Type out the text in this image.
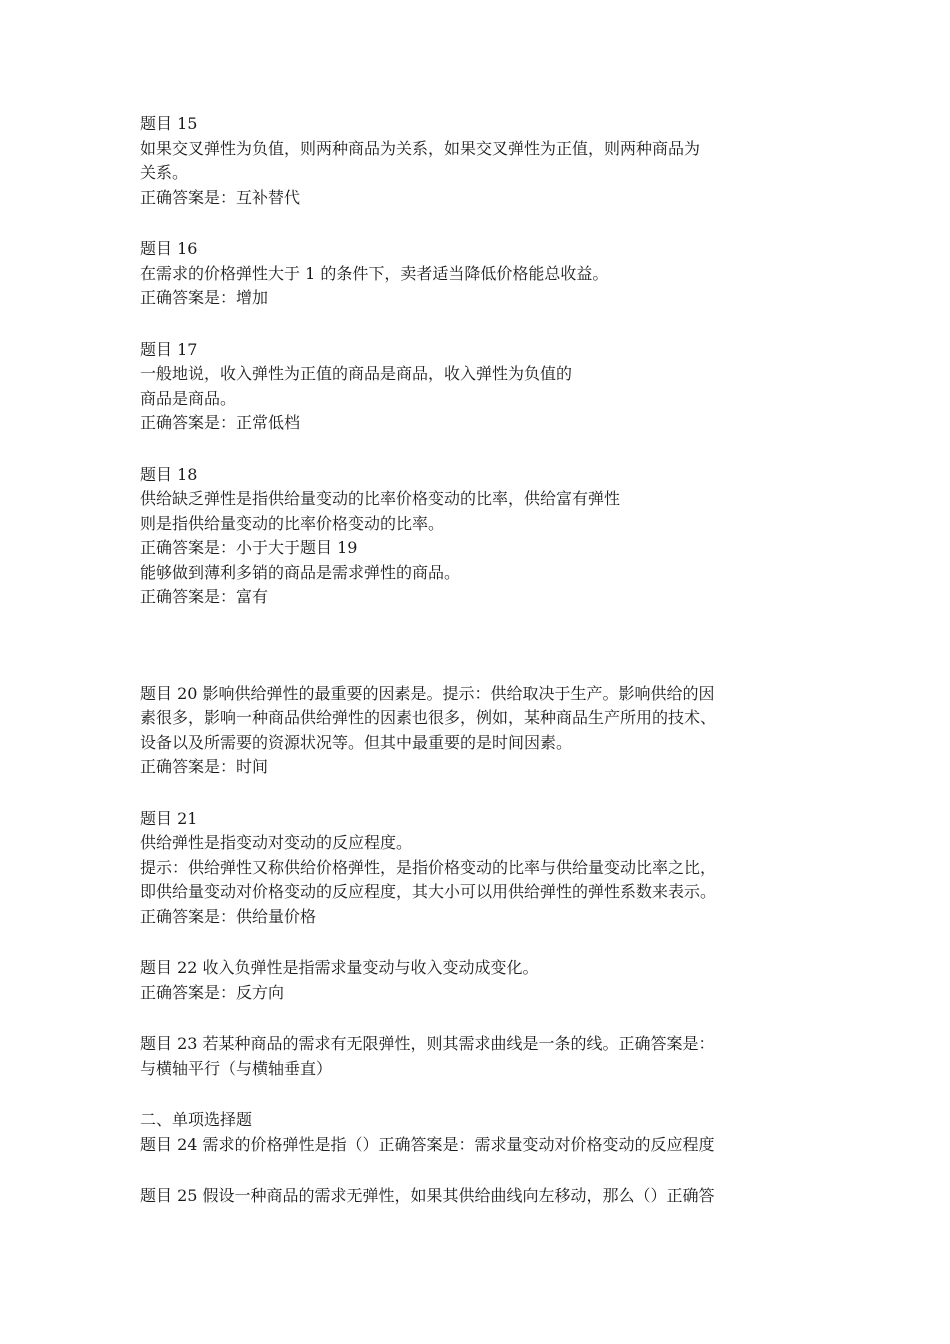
题目 15
如果交叉弹性为负值，则两种商品为关系，如果交叉弹性为正值，则两种商品为
关系。
正确答案是：互补替代
题目 16
在需求的价格弹性大于 1 的条件下，卖者适当降低价格能总收益。
正确答案是：增加
题目 17
一般地说，收入弹性为正值的商品是商品，收入弹性为负值的
商品是商品。
正确答案是：正常低档
题目 18
供给缺乏弹性是指供给量变动的比率价格变动的比率，供给富有弹性
则是指供给量变动的比率价格变动的比率。
正确答案是：小于大于题目 19
能够做到薄利多销的商品是需求弹性的商品。
正确答案是：富有
题目 20 影响供给弹性的最重要的因素是。提示：供给取决于生产。影响供给的因
素很多，影响一种商品供给弹性的因素也很多，例如，某种商品生产所用的技术、
设备以及所需要的资源状况等。但其中最重要的是时间因素。
正确答案是：时间
题目 21
供给弹性是指变动对变动的反应程度。
提示：供给弹性又称供给价格弹性，是指价格变动的比率与供给量变动比率之比，
即供给量变动对价格变动的反应程度，其大小可以用供给弹性的弹性系数来表示。
正确答案是：供给量价格
题目 22 收入负弹性是指需求量变动与收入变动成变化。
正确答案是：反方向
题目 23 若某种商品的需求有无限弹性，则其需求曲线是一条的线。正确答案是：
与横轴平行（与横轴垂直）
二、单项选择题
题目 24 需求的价格弹性是指（）正确答案是：需求量变动对价格变动的反应程度
题目 25 假设一种商品的需求无弹性，如果其供给曲线向左移动，那么（）正确答
